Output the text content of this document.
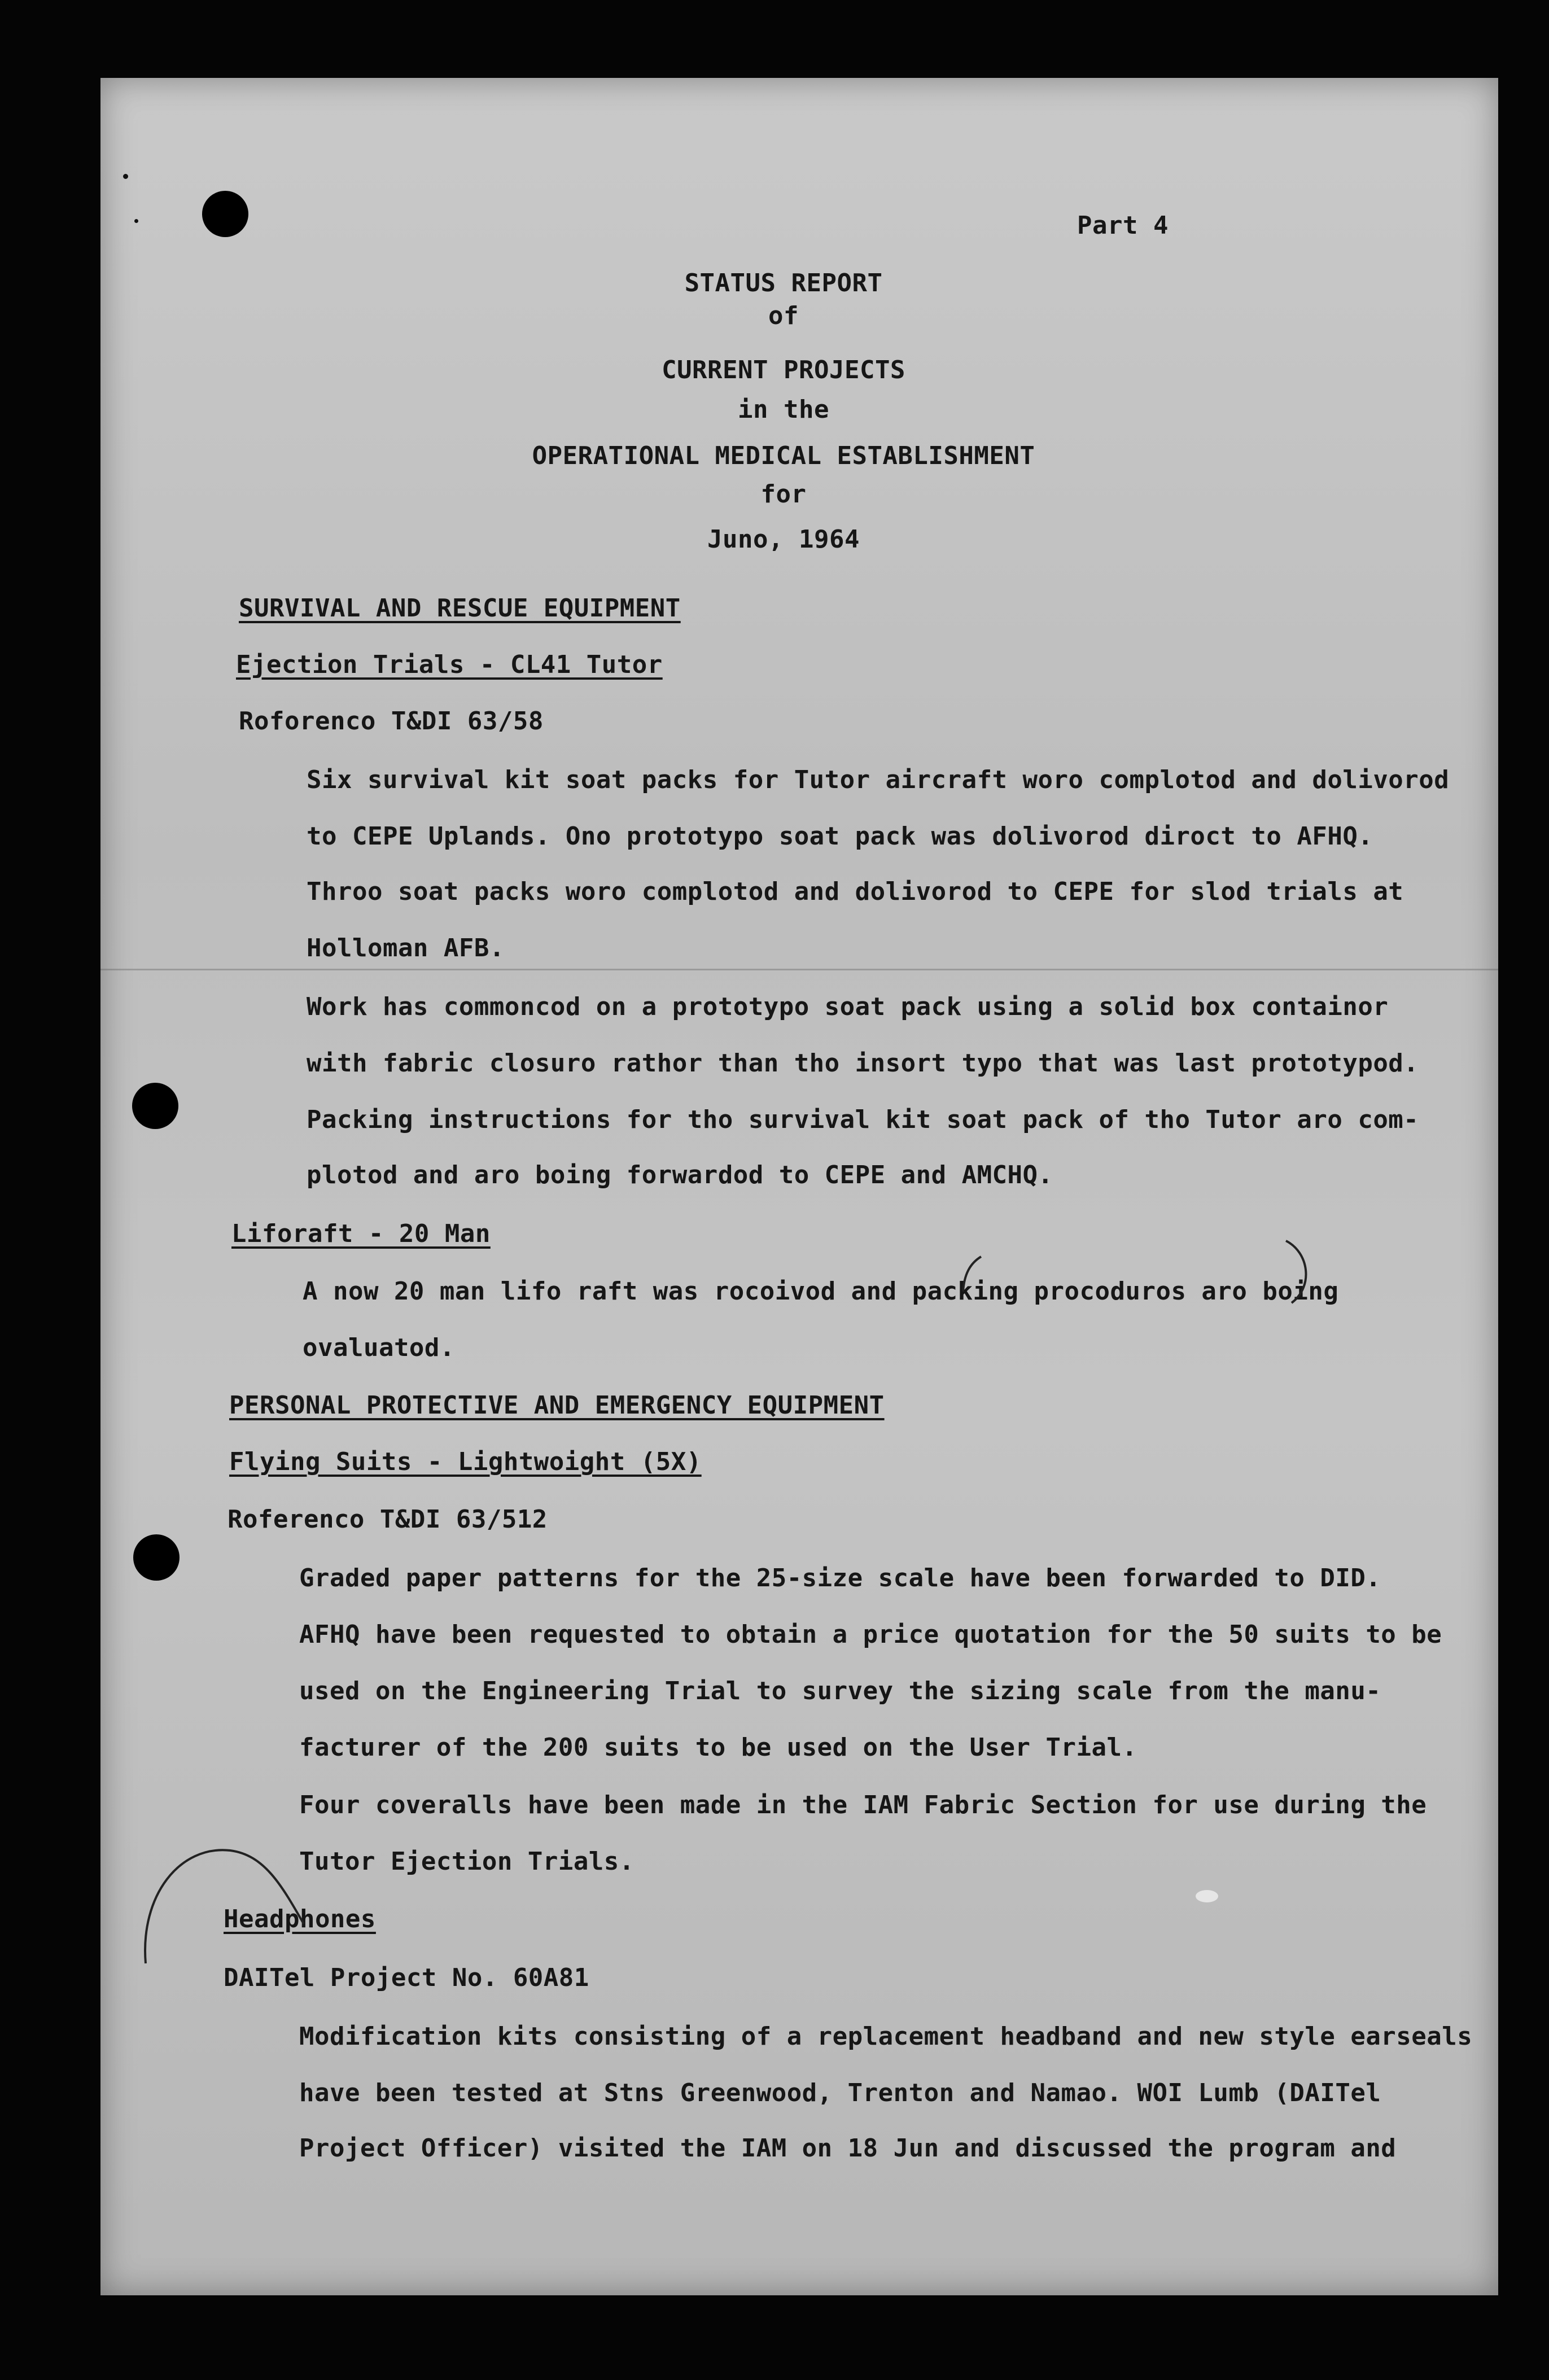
Part 4

STATUS REPORT

of

CURRENT PROJECTS

in the

OPERATIONAL MEDICAL ESTABLISHMENT

for

Juno, 1964

SURVIVAL AND RESCUE EQUIPMENT

Ejection Trials - CL41 Tutor

Roforenco T&DI 63/58

Six survival kit soat packs for Tutor aircraft woro complotod and dolivorod

to CEPE Uplands. Ono prototypo soat pack was dolivorod diroct to AFHQ.

Throo soat packs woro complotod and dolivorod to CEPE for slod trials at

Holloman AFB.

Work has commoncod on a prototypo soat pack using a solid box containor

with fabric closuro rathor than tho insort typo that was last prototypod.

Packing instructions for tho survival kit soat pack of tho Tutor aro com-

plotod and aro boing forwardod to CEPE and AMCHQ.

Liforaft - 20 Man

A now 20 man lifo raft was rocoivod and packing procoduros aro boing

ovaluatod.

PERSONAL PROTECTIVE AND EMERGENCY EQUIPMENT

Flying Suits - Lightwoight (5X)

Roferenco T&DI 63/512

Graded paper patterns for the 25-size scale have been forwarded to DID.

AFHQ have been requested to obtain a price quotation for the 50 suits to be

used on the Engineering Trial to survey the sizing scale from the manu-

facturer of the 200 suits to be used on the User Trial.

Four coveralls have been made in the IAM Fabric Section for use during the

Tutor Ejection Trials.

Headphones

DAITel Project No. 60A81

Modification kits consisting of a replacement headband and new style earseals

have been tested at Stns Greenwood, Trenton and Namao. WOI Lumb (DAITel

Project Officer) visited the IAM on 18 Jun and discussed the program and
